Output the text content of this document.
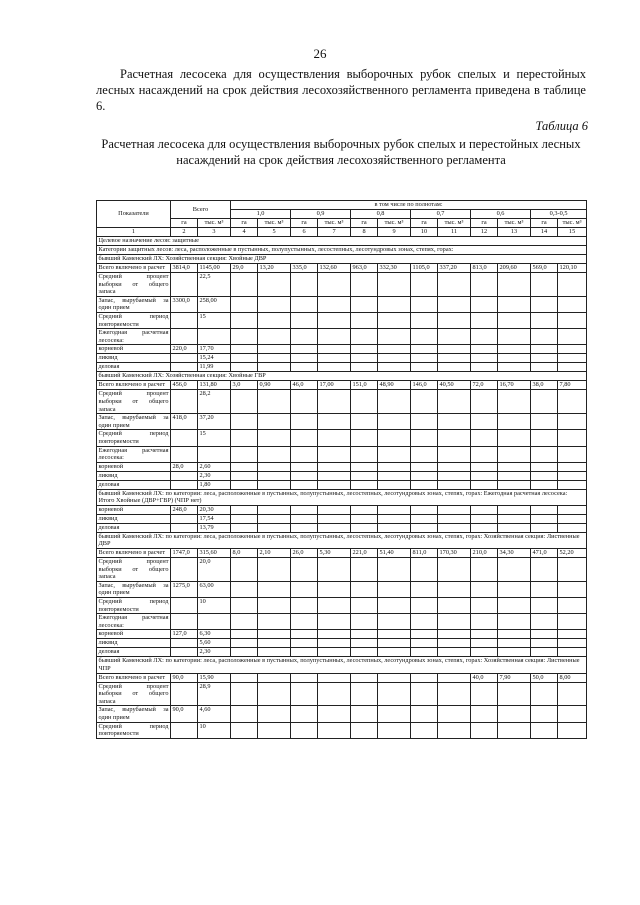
26
Расчетная лесосека для осуществления выборочных рубок спелых и перестойных лесных насаждений на срок действия лесохозяйственного регламента приведена в таблице 6.
Таблица 6
Расчетная лесосека для осуществления выборочных рубок спелых и перестойных лесных насаждений на срок действия лесохозяйственного регламента
Показатели	Всего		в том числе по полнотам:											
			1,0		0,9		0,8		0,7		0,6		0,3-0,5	
	га	тыс. м³	га	тыс. м³	га	тыс. м³	га	тыс. м³	га	тыс. м³	га	тыс. м³	га	тыс. м³
1	2	3	4	5	6	7	8	9	10	11	12	13	14	15
Целевое назначение лесов: защитные														
Категории защитных лесов: леса, расположенные в пустынных, полупустынных, лесостепных, лесотундровых зонах, степях, горах:														
бывший Каменский ЛХ: Хозяйственная секция: Хвойные ДВР														
Всего включено в расчет	3814,0	1145,00	29,0	13,20	335,0	132,60	963,0	332,30	1105,0	337,20	813,0	209,60	569,0	120,10
Средний процент выборки от общего запаса		22,5												
Запас, вырубаемый за один прием	3300,0	258,00												
Средний период повторяемости		15												
Ежегодная расчетная лесосека:														
корневой	220,0	17,70												
ликвид		15,24												
деловая		11,99												
бывший Каменский ЛХ: Хозяйственная секция: Хвойные ГВР														
Всего включено в расчет	456,0	131,80	3,0	0,90	46,0	17,00	151,0	48,90	146,0	40,50	72,0	16,70	38,0	7,80
Средний процент выборки от общего запаса		28,2												
Запас, вырубаемый за один прием	418,0	37,20												
Средний период повторяемости		15												
Ежегодная расчетная лесосека:														
корневой	28,0	2,60												
ликвид		2,30												
деловая		1,80												
бывший Каменский ЛХ: по категории: леса, расположенные в пустынных, полупустынных, лесостепных, лесотундровых зонах, степях, горах: Ежегодная расчетная лесосека: Итого Хвойные (ДВР+ГВР) (ЧПР нет)														
корневой	248,0	20,30												
ликвид		17,54												
деловая		13,79												
бывший Каменский ЛХ: по категории: леса, расположенные в пустынных, полупустынных, лесостепных, лесотундровых зонах, степях, горах: Хозяйственная секция: Лиственные ДВР														
Всего включено в расчет	1747,0	315,60	8,0	2,10	26,0	5,30	221,0	51,40	811,0	170,30	210,0	34,30	471,0	52,20
Средний процент выборки от общего запаса		20,0												
Запас, вырубаемый за один прием	1275,0	63,00												
Средний период повторяемости		10												
Ежегодная расчетная лесосека:														
корневой	127,0	6,30												
ликвид		5,60												
деловая		2,30												
бывший Каменский ЛХ: по категории: леса, расположенные в пустынных, полупустынных, лесостепных, лесотундровых зонах, степях, горах: Хозяйственная секция: Лиственные ЧПР														
Всего включено в расчет	90,0	15,90									40,0	7,90	50,0	8,00
Средний процент выборки от общего запаса		28,9												
Запас, вырубаемый за один прием	90,0	4,60												
Средний период повторяемости		10												
